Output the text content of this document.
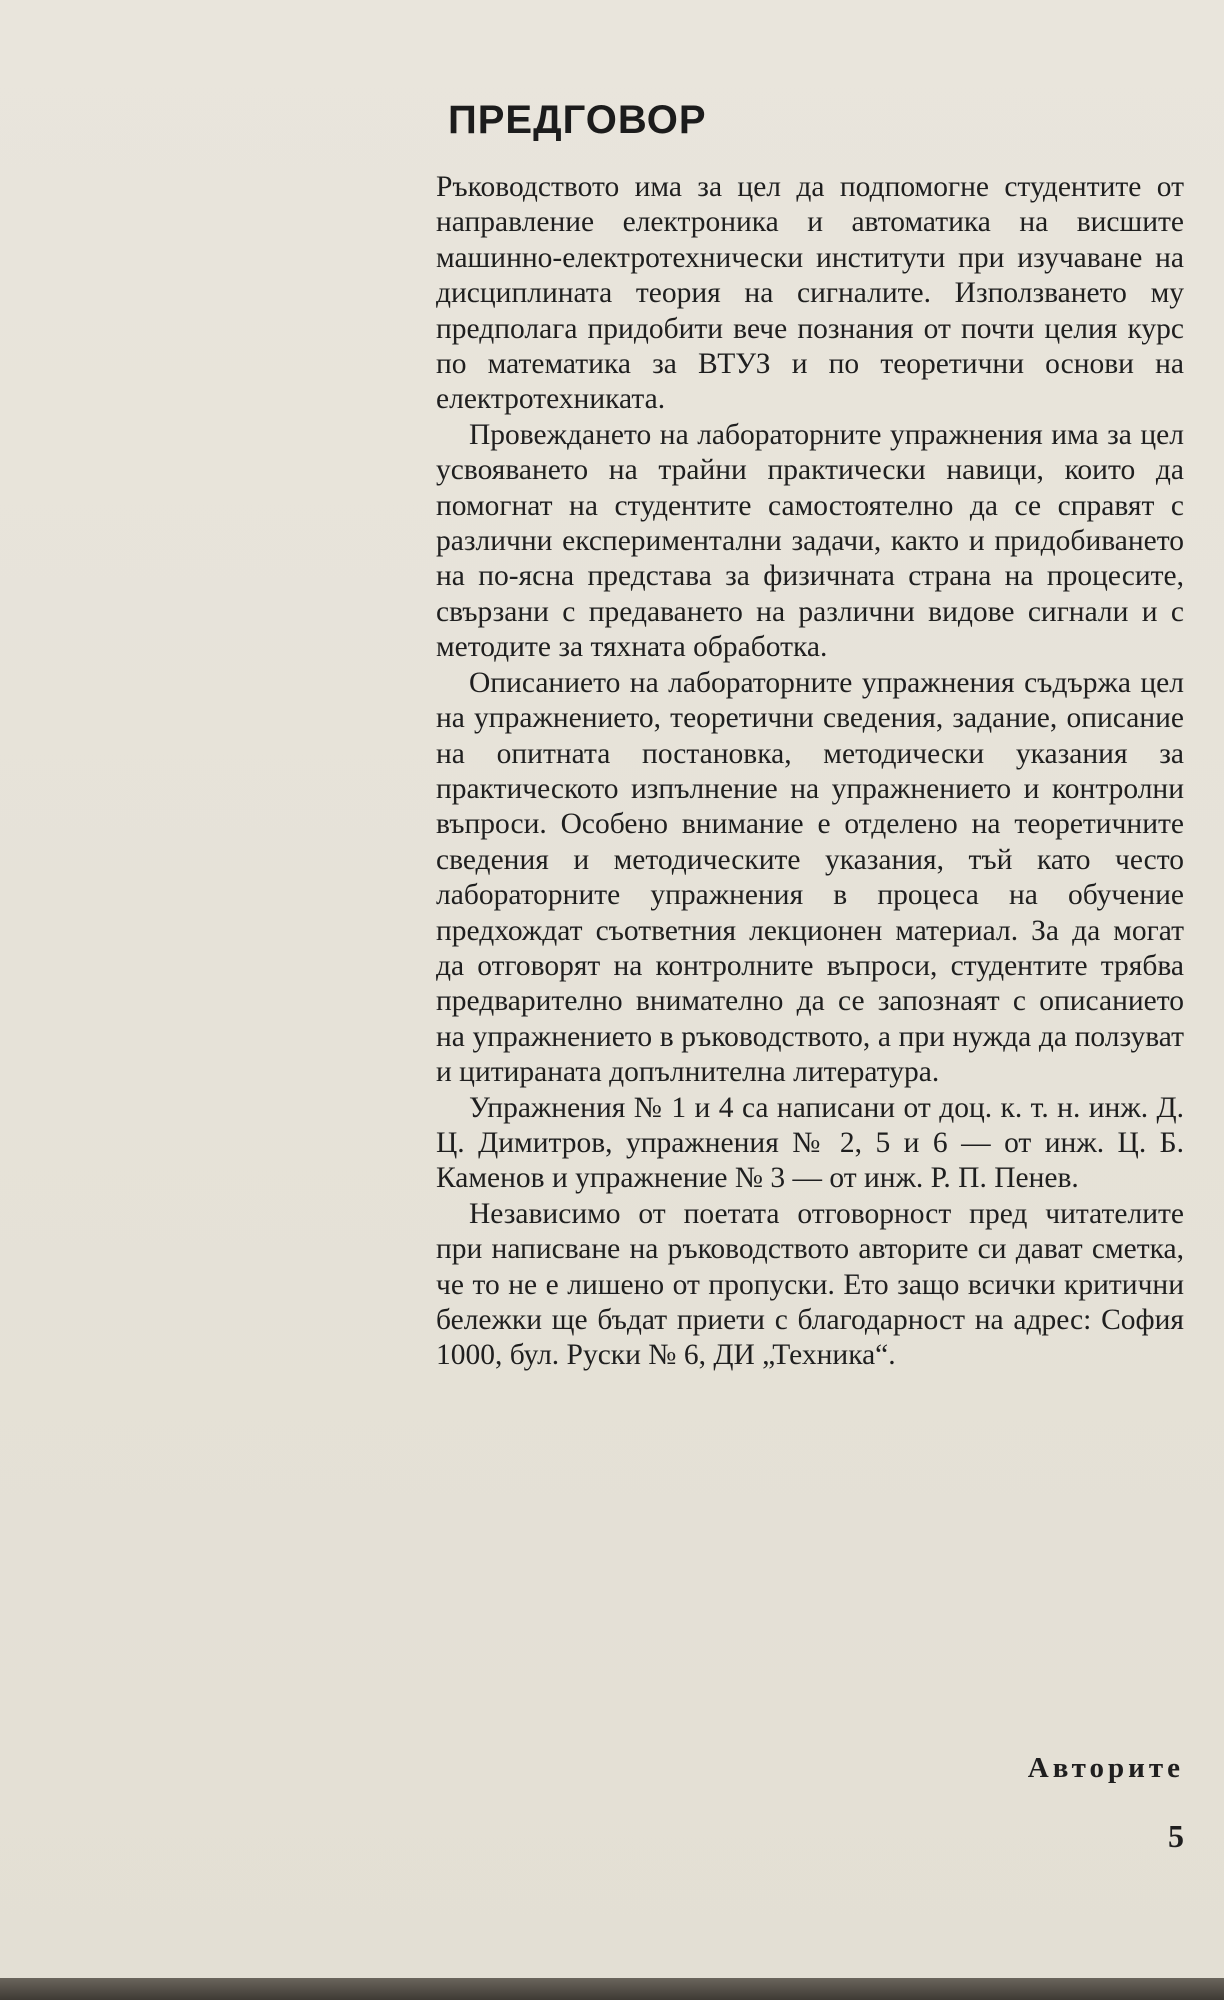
ПРЕДГОВОР

Ръководството има за цел да подпомогне студентите от направление електроника и автоматика на висшите машинно-електротехнически институти при изучаване на дисциплината теория на сигналите. Използването му предполага придобити вече познания от почти целия курс по математика за ВТУЗ и по теоретични основи на електротехниката.

Провеждането на лабораторните упражнения има за цел усвояването на трайни практически навици, които да помогнат на студентите самостоятелно да се справят с различни експериментални задачи, както и придобиването на по-ясна представа за физичната страна на процесите, свързани с предаването на различни видове сигнали и с методите за тяхната обработка.

Описанието на лабораторните упражнения съдържа цел на упражнението, теоретични сведения, задание, описание на опитната постановка, методически указания за практическото изпълнение на упражнението и контролни въпроси. Особено внимание е отделено на теоретичните сведения и методическите указания, тъй като често лабораторните упражнения в процеса на обучение предхождат съответния лекционен материал. За да могат да отговорят на контролните въпроси, студентите трябва предварително внимателно да се запознаят с описанието на упражнението в ръководството, а при нужда да ползуват и цитираната допълнителна литература.

Упражнения № 1 и 4 са написани от доц. к. т. н. инж. Д. Ц. Димитров, упражнения № 2, 5 и 6 — от инж. Ц. Б. Каменов и упражнение № 3 — от инж. Р. П. Пенев.

Независимо от поетата отговорност пред читателите при написване на ръководството авторите си дават сметка, че то не е лишено от пропуски. Ето защо всички критични бележки ще бъдат приети с благодарност на адрес: София 1000, бул. Руски № 6, ДИ „Техника“.

Авторите
5
